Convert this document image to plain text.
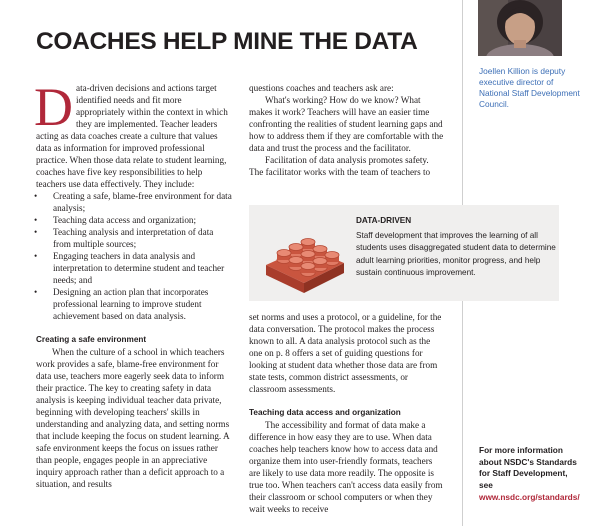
Joellen Killion is deputy executive director of National Staff Development Council.
COACHES HELP MINE THE DATA

Data-driven decisions and actions target identified needs and fit more appropriately within the context in which they are implemented. Teacher leaders acting as data coaches create a culture that values data as information for improved professional practice. When those data relate to student learning, coaches have five key responsibilities to help teachers use data effectively. They include:

• Creating a safe, blame-free environment for data analysis;

• Teaching data access and organization;

• Teaching analysis and interpretation of data from multiple sources;

• Engaging teachers in data analysis and interpretation to determine student and teacher needs; and

• Designing an action plan that incorporates professional learning to improve student achievement based on data analysis.

Creating a safe environment

When the culture of a school in which teachers work provides a safe, blame-free environment for data use, teachers more eagerly seek data to inform their practice. The key to creating safety in data analysis is keeping individual teacher data private, beginning with developing teachers' skills in understanding and analyzing data, and setting norms that include keeping the focus on student learning. A safe environment keeps the focus on issues rather than people, engages people in an appreciative inquiry approach rather than a deficit approach to a situation, and results

questions coaches and teachers ask are:

What's working? How do we know? What makes it work? Teachers will have an easier time confronting the realities of student learning gaps and how to address them if they are comfortable with the data and trust the process and the facilitator.

Facilitation of data analysis promotes safety. The facilitator works with the team of teachers to

DATA-DRIVEN
Staff development that improves the learning of all students uses disaggregated student data to determine adult learning priorities, monitor progress, and help sustain continuous improvement.

set norms and uses a protocol, or a guideline, for the data conversation. The protocol makes the process known to all. A data analysis protocol such as the one on p. 8 offers a set of guiding questions for looking at student data whether those data are from state tests, common district assessments, or classroom assessments.

Teaching data access and organization

The accessibility and format of data make a difference in how easy they are to use. When data coaches help teachers know how to access data and organize them into user-friendly formats, teachers are likely to use data more readily. The opposite is true too. When teachers can't access data easily from their classroom or school computers or when they wait weeks to receive

For more information about NSDC's Standards for Staff Development, see www.nsdc.org/standards/
